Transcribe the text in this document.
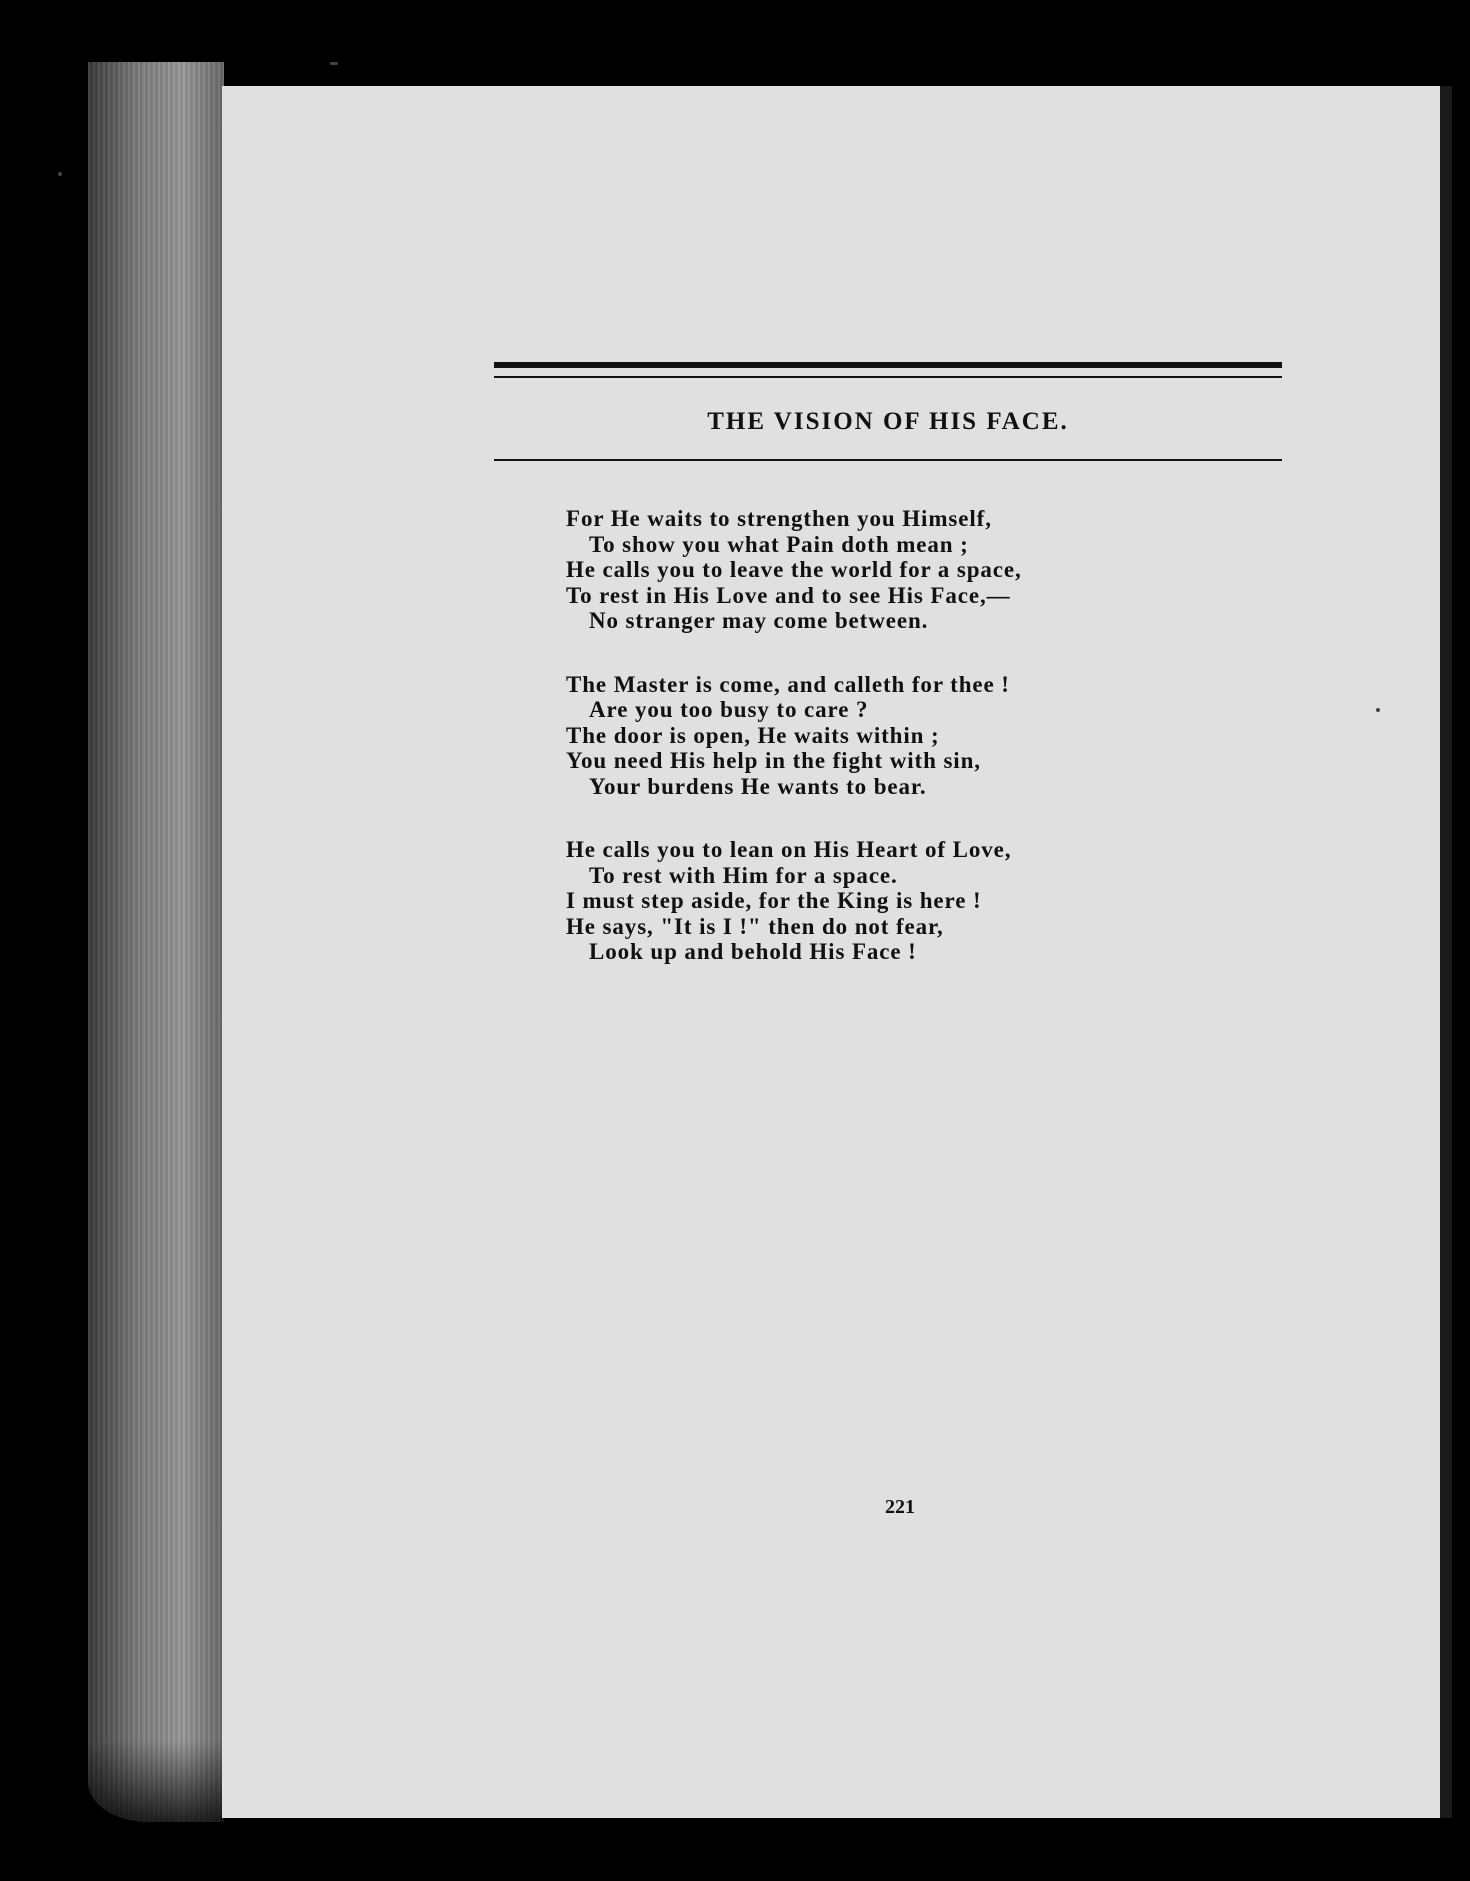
THE VISION OF HIS FACE.
For He waits to strengthen you Himself,
To show you what Pain doth mean ;
He calls you to leave the world for a space,
To rest in His Love and to see His Face,—
No stranger may come between.
The Master is come, and calleth for thee !
Are you too busy to care ?
The door is open, He waits within ;
You need His help in the fight with sin,
Your burdens He wants to bear.
He calls you to lean on His Heart of Love,
To rest with Him for a space.
I must step aside, for the King is here !
He says, "It is I !" then do not fear,
Look up and behold His Face !
221
